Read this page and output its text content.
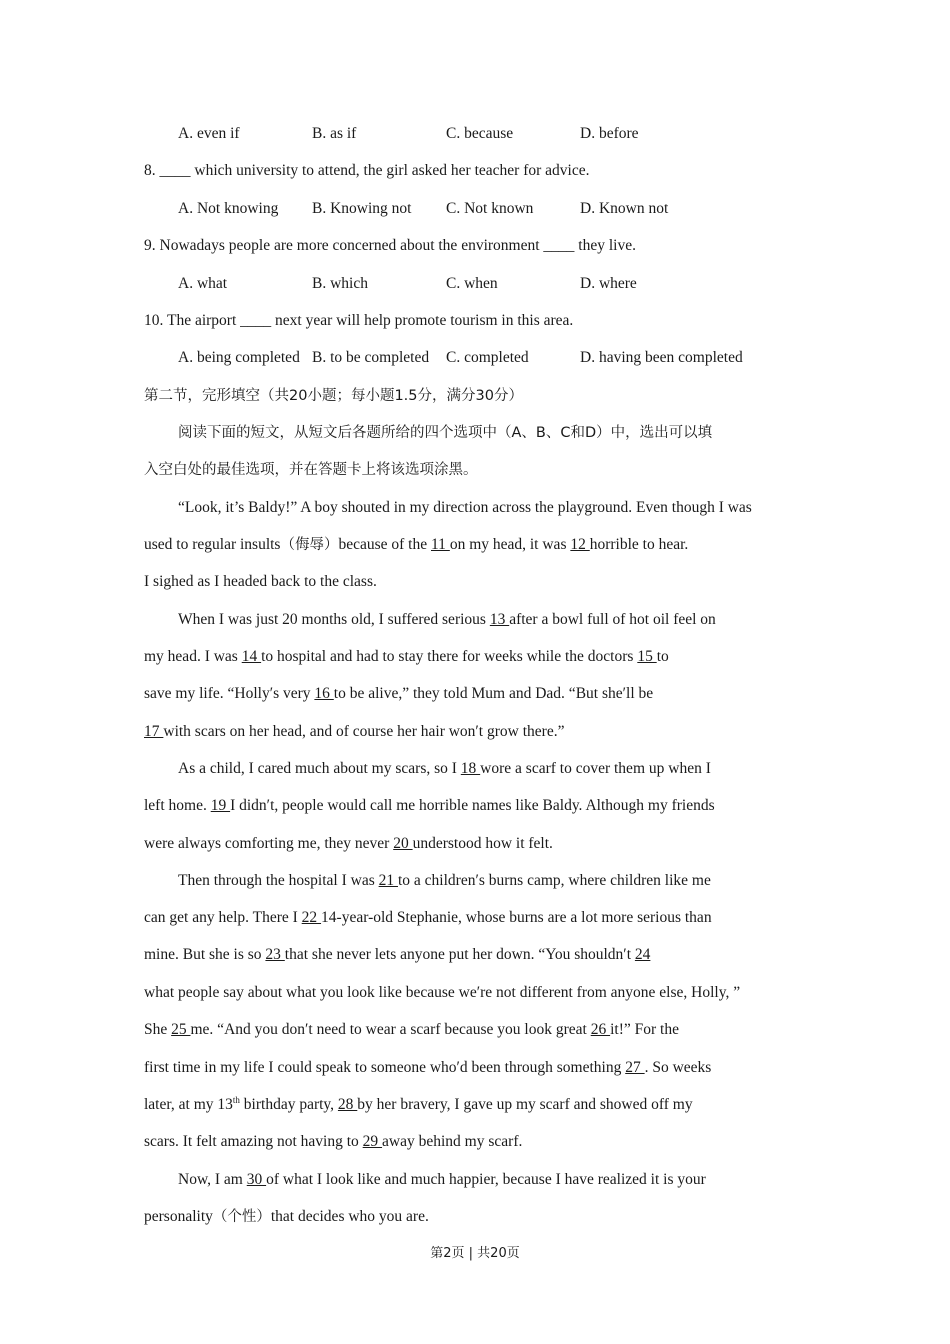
A. even if	B. as if	C. because	D. before
8. ____ which university to attend, the girl asked her teacher for advice.
A. Not knowing B. Knowing not C. Not known	D. Known not
9. Nowadays people are more concerned about the environment ____ they live.
A. what	B. which	C. when	D. where
10. The airport ____ next year will help promote tourism in this area.
A. being completed B. to be completed C. completed	D. having been completed
第二节，完形填空（共20小题；每小题1.5分，满分30分）
阅读下面的短文，从短文后各题所给的四个选项中（A、B、C和D）中，选出可以填
入空白处的最佳选项，并在答题卡上将该选项涂黑。
“Look, it’s Baldy!” A boy shouted in my direction across the playground. Even though I was
used to regular insults（侮辱）because of the 11 on my head, it was 12 horrible to hear.
I sighed as I headed back to the class.
When I was just 20 months old, I suffered serious 13 after a bowl full of hot oil feel on
my head. I was 14 to hospital and had to stay there for weeks while the doctors 15 to
save my life. “Holly′s very 16 to be alive,” they told Mum and Dad. “But she′ll be
17 with scars on her head, and of course her hair won′t grow there.”
As a child, I cared much about my scars, so I 18 wore a scarf to cover them up when I
left home. 19 I didn′t, people would call me horrible names like Baldy. Although my friends
were always comforting me, they never 20 understood how it felt.
Then through the hospital I was 21 to a children′s burns camp, where children like me
can get any help. There I 22 14-year-old Stephanie, whose burns are a lot more serious than
mine. But she is so 23 that she never lets anyone put her down. “You shouldn′t 24
what people say about what you look like because we′re not different from anyone else, Holly, ”
She 25 me. “And you don′t need to wear a scarf because you look great 26 it!” For the
first time in my life I could speak to someone who′d been through something 27 . So weeks
later, at my 13th birthday party, 28 by her bravery, I gave up my scarf and showed off my
scars. It felt amazing not having to 29 away behind my scarf.
Now, I am 30 of what I look like and much happier, because I have realized it is your
personality（个性）that decides who you are.
第2页 | 共20页
